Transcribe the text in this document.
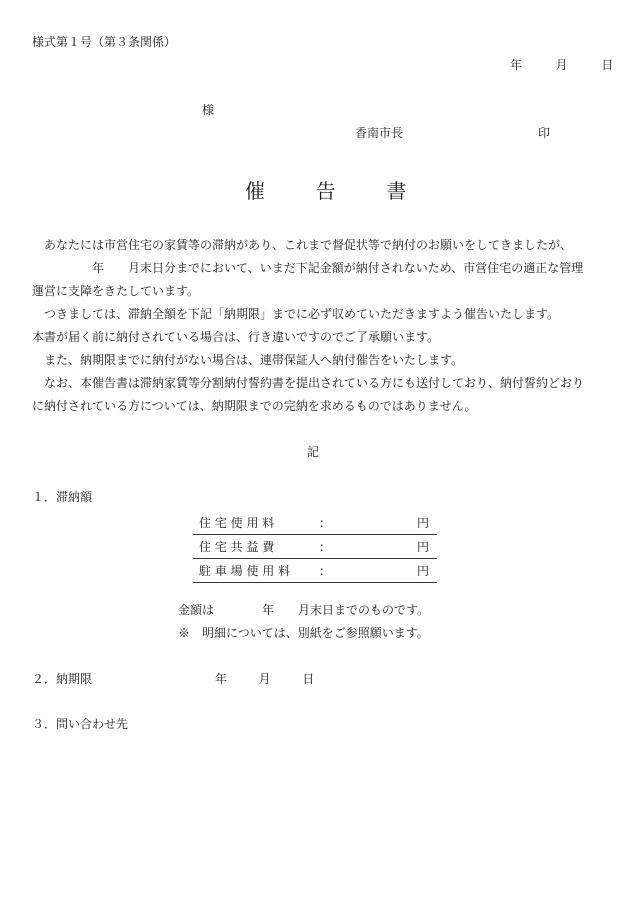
様式第１号（第３条関係）
年	月	日
様
香南市長	印
催	告	書

　あなたには市営住宅の家賃等の滞納があり、これまで督促状等で納付のお願いをしてきましたが、

　　　　　年　　月末日分までにおいて、いまだ下記金額が納付されないため、市営住宅の適正な管理

運営に支障をきたしています。

　つきましては、滞納全額を下記「納期限」までに必ず収めていただきますよう催告いたします。

本書が届く前に納付されている場合は、行き違いですのでご了承願います。

　また、納期限までに納付がない場合は、連帯保証人へ納付催告をいたします。

　なお、本催告書は滞納家賃等分割納付誓約書を提出されている方にも送付しており、納付誓約どおり

に納付されている方については、納期限までの完納を求めるものではありません。

記
１．滞納額
住 宅 使 用 料	：	円
住 宅 共 益 費	：	円
駐 車 場 使 用 料	：	円
金額は　　　　年　　月末日までのものです。
※　明細については、別紙をご参照願います。
２．納期限	年	月	日
３．問い合わせ先
